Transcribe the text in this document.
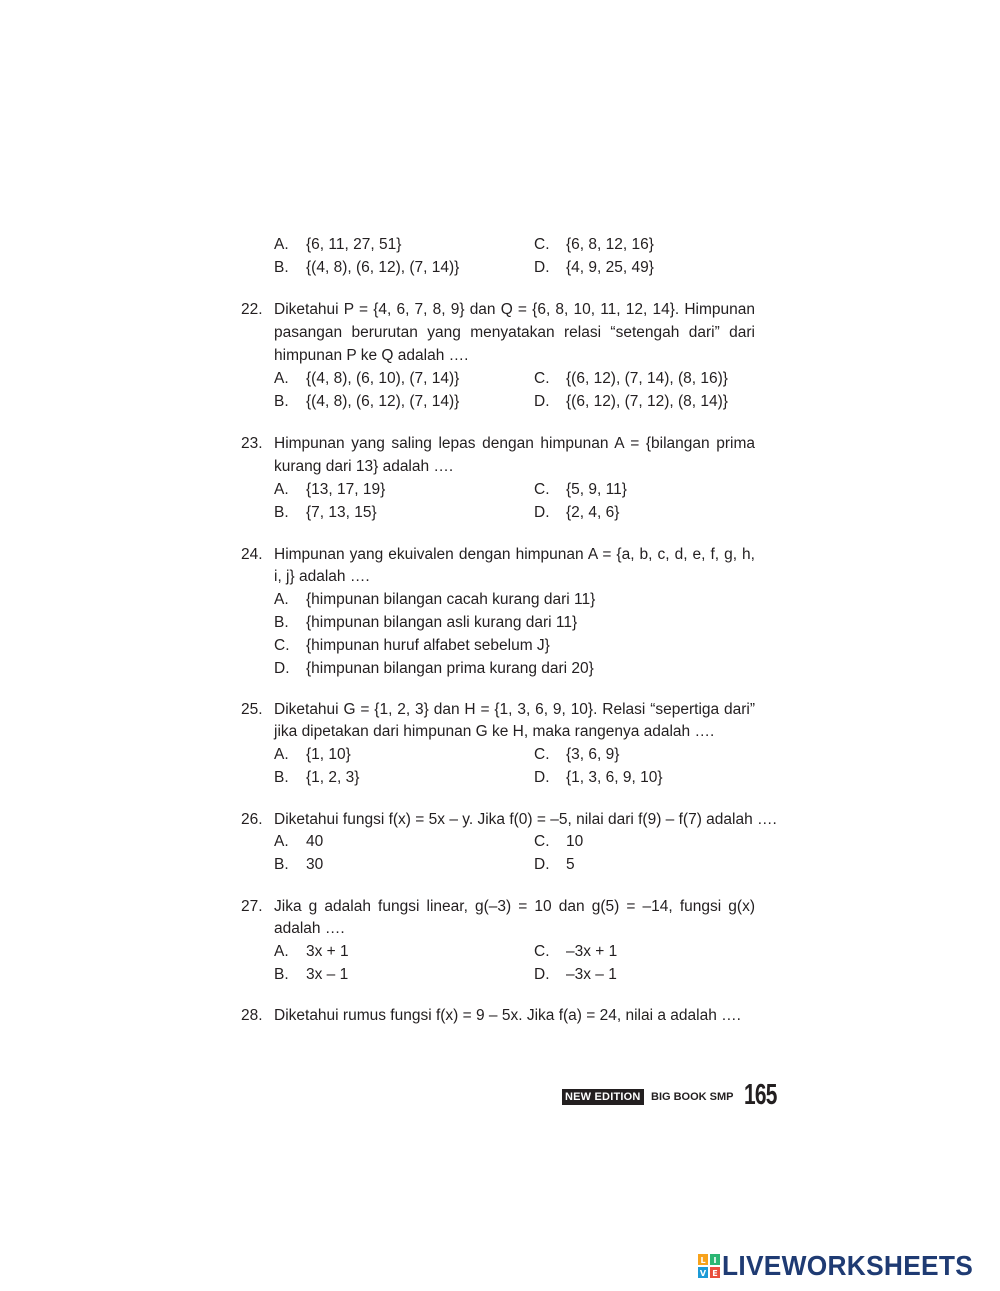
A. {6, 11, 27, 51}	C. {6, 8, 12, 16}
B. {(4, 8), (6, 12), (7, 14)}	D. {4, 9, 25, 49}
22. Diketahui P = {4, 6, 7, 8, 9} dan Q = {6, 8, 10, 11, 12, 14}. Himpunan
pasangan berurutan yang menyatakan relasi “setengah dari” dari
himpunan P ke Q adalah ….
A. {(4, 8), (6, 10), (7, 14)}	C. {(6, 12), (7, 14), (8, 16)}
B. {(4, 8), (6, 12), (7, 14)}	D. {(6, 12), (7, 12), (8, 14)}
23. Himpunan yang saling lepas dengan himpunan A = {bilangan prima
kurang dari 13} adalah ….
A. {13, 17, 19}	C. {5, 9, 11}
B. {7, 13, 15}	D. {2, 4, 6}
24. Himpunan yang ekuivalen dengan himpunan A = {a, b, c, d, e, f, g, h,
i, j} adalah ….
A. {himpunan bilangan cacah kurang dari 11}
B. {himpunan bilangan asli kurang dari 11}
C. {himpunan huruf alfabet sebelum J}
D. {himpunan bilangan prima kurang dari 20}
25. Diketahui G = {1, 2, 3} dan H = {1, 3, 6, 9, 10}. Relasi “sepertiga dari”
jika dipetakan dari himpunan G ke H, maka rangenya adalah ….
A. {1, 10}	C. {3, 6, 9}
B. {1, 2, 3}	D. {1, 3, 6, 9, 10}
26. Diketahui fungsi f(x) = 5x – y. Jika f(0) = –5, nilai dari f(9) – f(7) adalah ….
A. 40	C. 10
B. 30	D. 5
27. Jika g adalah fungsi linear, g(–3) = 10 dan g(5) = –14, fungsi g(x)
adalah ….
A. 3x + 1	C. –3x + 1
B. 3x – 1	D. –3x – 1
28. Diketahui rumus fungsi f(x) = 9 – 5x. Jika f(a) = 24, nilai a adalah ….
NEW EDITION BIG BOOK SMP 165
L I
V E LIVEWORKSHEETS
